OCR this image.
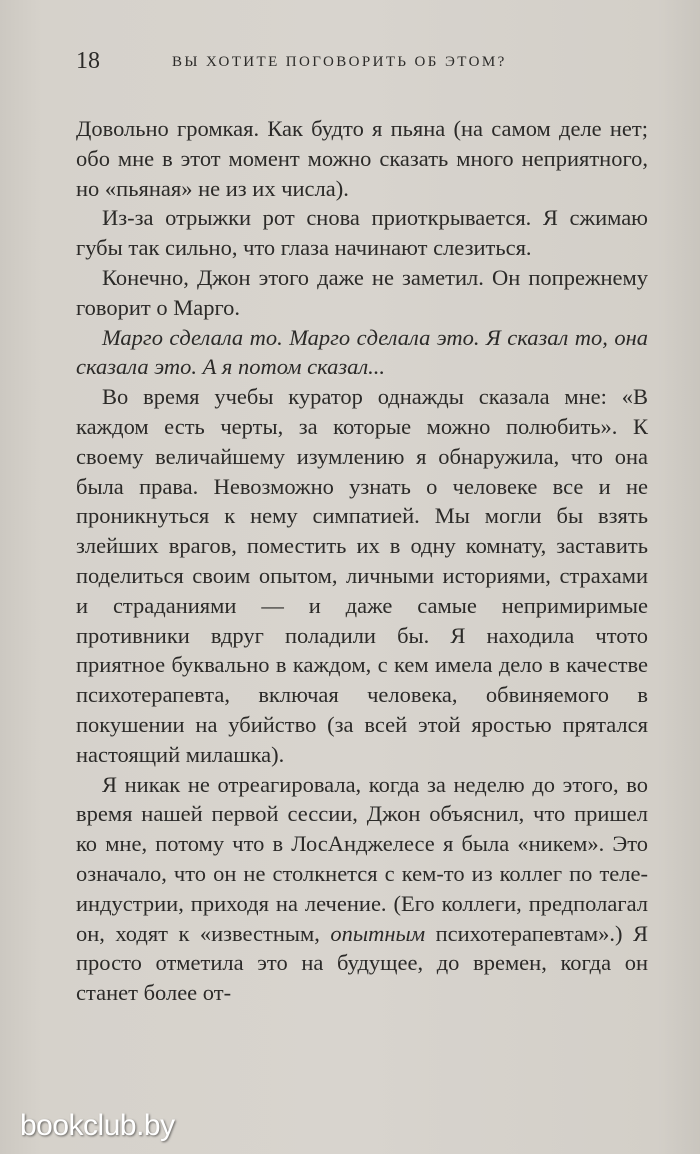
18	ВЫ ХОТИТЕ ПОГОВОРИТЬ ОБ ЭТОМ?

Довольно громкая. Как будто я пьяна (на самом деле нет; обо мне в этот момент можно сказать много неприятного, но «пьяная» не из их числа).

Из-за отрыжки рот снова приоткрывается. Я сжимаю губы так сильно, что глаза начинают слезиться.

Конечно, Джон этого даже не заметил. Он попрежнему говорит о Марго.

Марго сделала то. Марго сделала это. Я сказал то, она сказала это. А я потом сказал...

Во время учебы куратор однажды сказала мне: «В каждом есть черты, за которые можно полюбить». К своему величайшему изумлению я обнаружила, что она была права. Невозможно узнать о человеке все и не проникнуться к нему симпатией. Мы могли бы взять злейших врагов, поместить их в одну комнату, заставить поделиться своим опытом, личными историями, страхами и страданиями — и даже самые непримиримые противники вдруг поладили бы. Я находила чтото приятное буквально в каждом, с кем имела дело в качестве психотерапевта, включая человека, обвиняемого в покушении на убийство (за всей этой яростью прятался настоящий милашка).

Я никак не отреагировала, когда за неделю до этого, во время нашей первой сессии, Джон объяснил, что пришел ко мне, потому что в ЛосАнджелесе я была «никем». Это означало, что он не столкнется с кем-то из коллег по телеиндустрии, приходя на лечение. (Его коллеги, предполагал он, ходят к «известным, опытным психотерапевтам».) Я просто отметила это на будущее, до времен, когда он станет более от-

bookclub.by
